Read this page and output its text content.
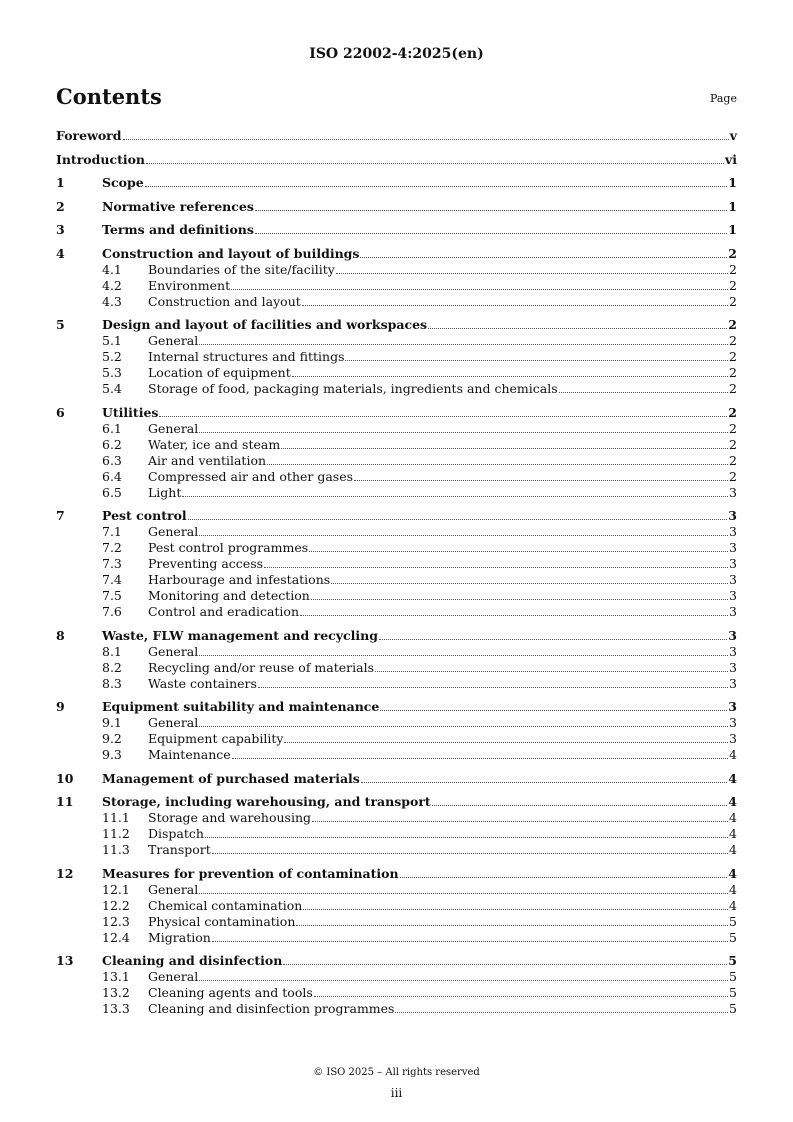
ISO 22002-4:2025(en)
Contents	Page
Foreword	v
Introduction	vi
1	Scope	1
2	Normative references	1
3	Terms and definitions	1
4	Construction and layout of buildings	2
4.1	Boundaries of the site/facility	2
4.2	Environment	2
4.3	Construction and layout	2
5	Design and layout of facilities and workspaces	2
5.1	General	2
5.2	Internal structures and fittings	2
5.3	Location of equipment	2
5.4	Storage of food, packaging materials, ingredients and chemicals	2
6	Utilities	2
6.1	General	2
6.2	Water, ice and steam	2
6.3	Air and ventilation	2
6.4	Compressed air and other gases	2
6.5	Light	3
7	Pest control	3
7.1	General	3
7.2	Pest control programmes	3
7.3	Preventing access	3
7.4	Harbourage and infestations	3
7.5	Monitoring and detection	3
7.6	Control and eradication	3
8	Waste, FLW management and recycling	3
8.1	General	3
8.2	Recycling and/or reuse of materials	3
8.3	Waste containers	3
9	Equipment suitability and maintenance	3
9.1	General	3
9.2	Equipment capability	3
9.3	Maintenance	4
10	Management of purchased materials	4
11	Storage, including warehousing, and transport	4
11.1	Storage and warehousing	4
11.2	Dispatch	4
11.3	Transport	4
12	Measures for prevention of contamination	4
12.1	General	4
12.2	Chemical contamination	4
12.3	Physical contamination	5
12.4	Migration	5
13	Cleaning and disinfection	5
13.1	General	5
13.2	Cleaning agents and tools	5
13.3	Cleaning and disinfection programmes	5
© ISO 2025 – All rights reserved
iii
